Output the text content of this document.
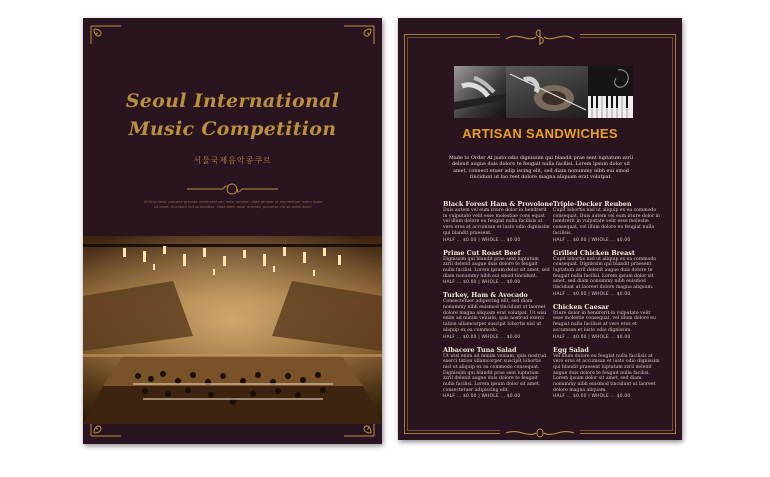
Seoul International
Music Competition
서울국제음악콩쿠르
Ut felis risus, posuere gravida condimentum, ante, aenean vitae tempor ut elementum lorem dolor sit amet, tincidunt luctus dapibus, vitae diam dolor gravida, pharetra elit sit amet dolor.
ARTISAN SANDWICHES
Made to Order At justo odio dignissim qui blandit prae sent luptatum zzril delenit augue duis dolore te feugait nulla facilisi. Lorem ipsum dolor sit amet, connect etuer adip iscing elit, sed diam nonummy nibh eui smod tincidunt ut lao reet dolore magna aliquam erat volutpat.
Black Forest Ham & Provolone
Duis autem vel eum iriure dolor in hendrerit in vulputate velit esse molestiae cons equat vel illum dolore eu feugiat nulla facilisis at vero eros et accumsan et iusto odio dignissim qui blandit praesent.
HALF ... $0.00 | WHOLE ... $0.00
Prime Cut Roast Beef
Dignissim qui blandit prae sent luptatum zzril delenit augue duis dolore te feugait nulla facilisi. Lorem ipsum dolor sit amet, sed diam nonummy nibh eui smod tincidunt.
HALF ... $0.00 | WHOLE ... $0.00
Turkey, Ham & Avocado
Consectetuer adipiscing elit, sed diam nonummy nibh euismod tincidunt ut laoreet dolore magna aliquam erat volutpat. Ut wisi enim ad minim veniam, quis nostrud exerci tation ullamcorper suscipit lobortis nisl ut aliquip ex ea commodo.
HALF ... $0.00 | WHOLE ... $0.00
Albacore Tuna Salad
Ut wisi enim ad minim veniam, quis nostrud exerci tation ullamcorper suscipit lobortis nisl ut aliquip ex ea commodo consequat. Dignissim qui blandit prae sent luptatum zzril delenit augue duis dolore te feugait nulla facilisi. Lorem ipsum dolor sit amet, consectetuer adipiscing elit.
HALF ... $0.00 | WHOLE ... $0.00
Triple-Decker Reuben
Cupit lobortis nisl ut aliquip ex ea commodo consequat. Duis autem vel eum iriure dolor in hendrerit in vulputate velit esse molestie consequat, vel illum dolore eu feugiat nulla facilisis.
HALF ... $0.00 | WHOLE ... $0.00
Grilled Chicken Breast
Cupit lobortis nisl ut aliquip ex ea commodo consequat. Dignissim qui blandit praesent luptatum zzril delenit augue duis dolore te feugait nulla facilisi. Lorem ipsum dolor sit amet, sed diam nonummy nibh euismod tincidunt ut laoreet dolore magna aliquam.
HALF ... $0.00 | WHOLE ... $0.00
Chicken Caesar
Iriure dolor in hendrerit in vulputate velit esse molestie consequat, vel illum dolore eu feugiat nulla facilisis at vero eros et accumsan et iusto odio dignissim.
HALF ... $0.00 | WHOLE ... $0.00
Egg Salad
Vel illum dolore eu feugiat nulla facilisis at vero eros et accumsan et iusto odio dignissim qui blandit praesent luptatum zzril delenit augue duis dolore te feugait nulla facilisi. Lorem ipsum dolor sit amet, sed diam nonummy nibh euismod tincidunt ut laoreet dolore magna aliquam.
HALF ... $0.00 | WHOLE ... $0.00
